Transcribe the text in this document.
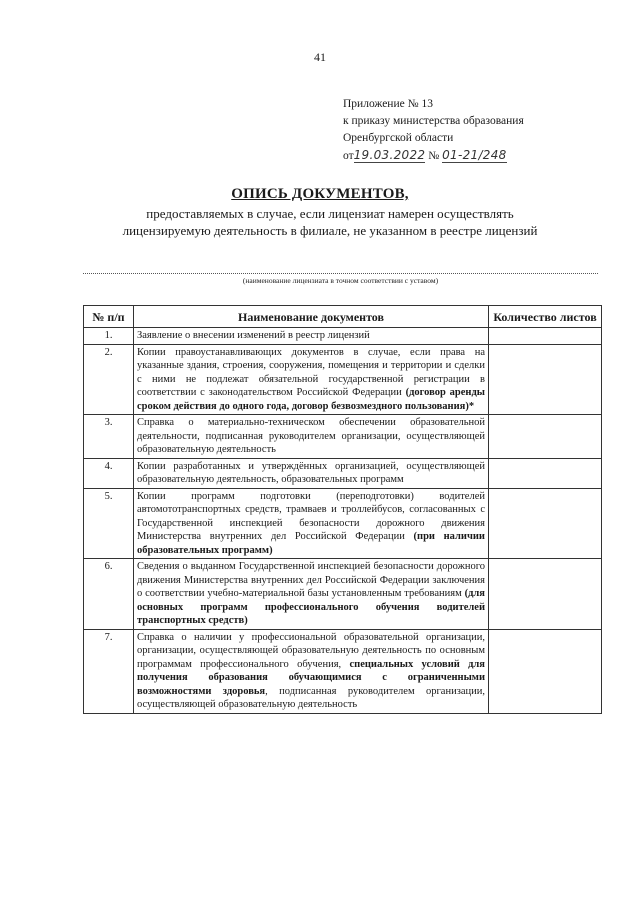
41
Приложение № 13
к приказу министерства образования
Оренбургской области
от19.03.2022 № 01-21/248
ОПИСЬ ДОКУМЕНТОВ,
предоставляемых в случае, если лицензиат намерен осуществлять
лицензируемую деятельность в филиале, не указанном в реестре лицензий
(наименование лицензиата в точном соответствии с уставом)
№ п/п	Наименование документов	Количество листов
1.	Заявление о внесении изменений в реестр лицензий	
2.	Копии правоустанавливающих документов в случае, если права на указанные здания, строения, сооружения, помещения и территории и сделки с ними не подлежат обязательной государственной регистрации в соответствии с законодательством Российской Федерации (договор аренды сроком действия до одного года, договор безвозмездного пользования)*	
3.	Справка о материально-техническом обеспечении образовательной деятельности, подписанная руководителем организации, осуществляющей образовательную деятельность	
4.	Копии разработанных и утверждённых организацией, осуществляющей образовательную деятельность, образовательных программ	
5.	Копии программ подготовки (переподготовки) водителей автомототранспортных средств, трамваев и троллейбусов, согласованных с Государственной инспекцией безопасности дорожного движения Министерства внутренних дел Российской Федерации (при наличии образовательных программ)	
6.	Сведения о выданном Государственной инспекцией безопасности дорожного движения Министерства внутренних дел Российской Федерации заключения о соответствии учебно-материальной базы установленным требованиям (для основных программ профессионального обучения водителей транспортных средств)	
7.	Справка о наличии у профессиональной образовательной организации, организации, осуществляющей образовательную деятельность по основным программам профессионального обучения, специальных условий для получения образования обучающимися с ограниченными возможностями здоровья, подписанная руководителем организации, осуществляющей образовательную деятельность	
